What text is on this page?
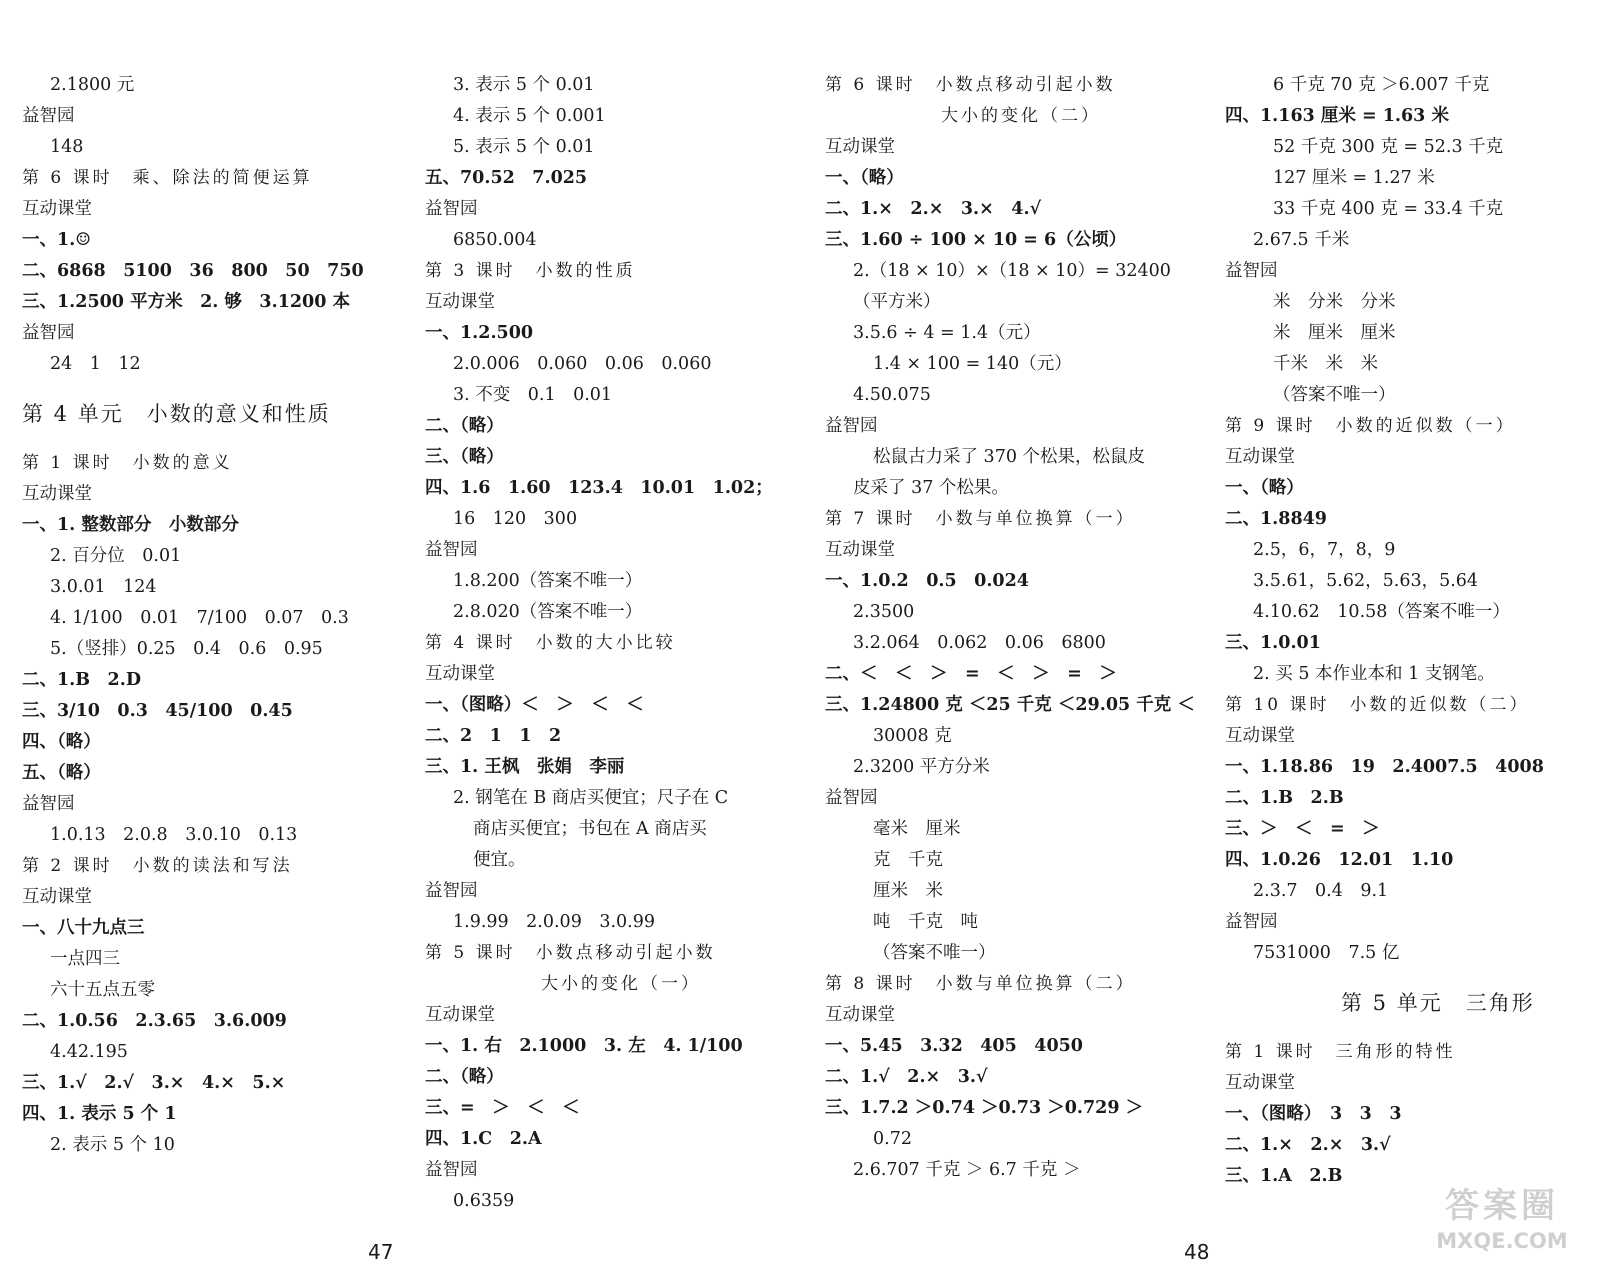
2.1800 元
益智园
148
第 6 课时　乘、除法的简便运算
互动课堂
一、1.☺
二、6868　5100　36　800　50　750
三、1.2500 平方米　2. 够　3.1200 本
益智园
24　1　12
第 4 单元　小数的意义和性质
第 1 课时　小数的意义
互动课堂
一、1. 整数部分　小数部分
2. 百分位　0.01
3.0.01　124
4. 1/100　0.01　7/100　0.07　0.3
5.（竖排）0.25　0.4　0.6　0.95
二、1.B　2.D
三、3/10　0.3　45/100　0.45
四、（略）
五、（略）
益智园
1.0.13　2.0.8　3.0.10　0.13
第 2 课时　小数的读法和写法
互动课堂
一、八十九点三
一点四三
六十五点五零
二、1.0.56　2.3.65　3.6.009
4.42.195
三、1.√　2.√　3.×　4.×　5.×
四、1. 表示 5 个 1
2. 表示 5 个 10
3. 表示 5 个 0.01
4. 表示 5 个 0.001
5. 表示 5 个 0.01
五、70.52　7.025
益智园
6850.004
第 3 课时　小数的性质
互动课堂
一、1.2.500
2.0.006　0.060　0.06　0.060
3. 不变　0.1　0.01
二、（略）
三、（略）
四、1.6　1.60　123.4　10.01　1.02；
16　120　300
益智园
1.8.200（答案不唯一）
2.8.020（答案不唯一）
第 4 课时　小数的大小比较
互动课堂
一、（图略）＜　＞　＜　＜
二、2　1　1　2
三、1. 王枫　张娟　李丽
2. 钢笔在 B 商店买便宜；尺子在 C
商店买便宜；书包在 A 商店买
便宜。
益智园
1.9.99　2.0.09　3.0.99
第 5 课时　小数点移动引起小数
大小的变化（一）
互动课堂
一、1. 右　2.1000　3. 左　4. 1/100
二、（略）
三、=　＞　＜　＜
四、1.C　2.A
益智园
0.6359
第 6 课时　小数点移动引起小数
大小的变化（二）
互动课堂
一、（略）
二、1.×　2.×　3.×　4.√
三、1.60 ÷ 100 × 10 = 6（公顷）
2.（18 × 10）×（18 × 10）= 32400
（平方米）
3.5.6 ÷ 4 = 1.4（元）
1.4 × 100 = 140（元）
4.50.075
益智园
松鼠古力采了 370 个松果，松鼠皮
皮采了 37 个松果。
第 7 课时　小数与单位换算（一）
互动课堂
一、1.0.2　0.5　0.024
2.3500
3.2.064　0.062　0.06　6800
二、＜　＜　＞　=　＜　＞　=　＞
三、1.24800 克 ＜25 千克 ＜29.05 千克 ＜
30008 克
2.3200 平方分米
益智园
毫米　厘米
克　千克
厘米　米
吨　千克　吨
（答案不唯一）
第 8 课时　小数与单位换算（二）
互动课堂
一、5.45　3.32　405　4050
二、1.√　2.×　3.√
三、1.7.2 ＞0.74 ＞0.73 ＞0.729 ＞
0.72
2.6.707 千克 ＞ 6.7 千克 ＞
6 千克 70 克 ＞6.007 千克
四、1.163 厘米 = 1.63 米
52 千克 300 克 = 52.3 千克
127 厘米 = 1.27 米
33 千克 400 克 = 33.4 千克
2.67.5 千米
益智园
米　分米　分米
米　厘米　厘米
千米　米　米
（答案不唯一）
第 9 课时　小数的近似数（一）
互动课堂
一、（略）
二、1.8849
2.5，6，7，8，9
3.5.61，5.62，5.63，5.64
4.10.62　10.58（答案不唯一）
三、1.0.01
2. 买 5 本作业本和 1 支钢笔。
第 10 课时　小数的近似数（二）
互动课堂
一、1.18.86　19　2.4007.5　4008
二、1.B　2.B
三、＞　＜　=　＞
四、1.0.26　12.01　1.10
2.3.7　0.4　9.1
益智园
7531000　7.5 亿
第 5 单元　三角形
第 1 课时　三角形的特性
互动课堂
一、（图略）　3　3　3
二、1.×　2.×　3.√
三、1.A　2.B
47	48
答案圈
MXQE.COM
